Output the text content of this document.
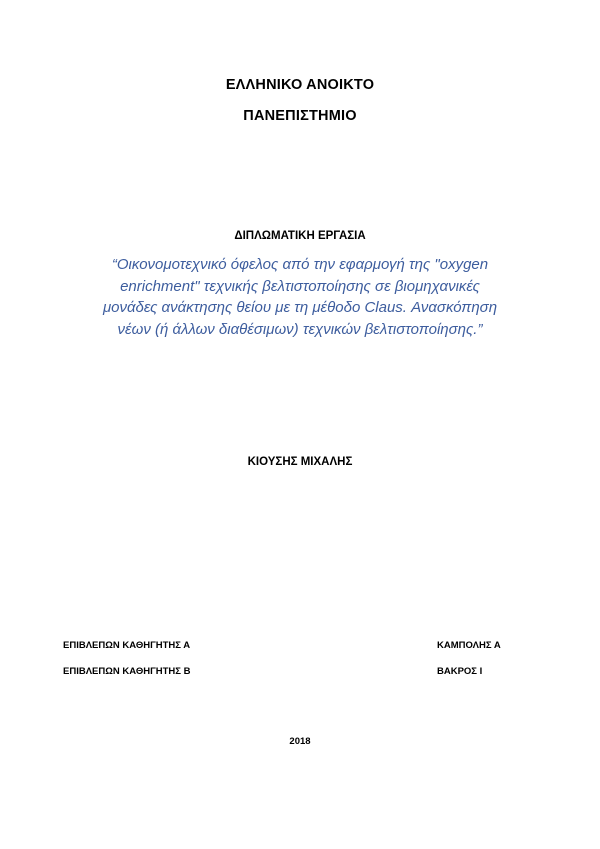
ΕΛΛΗΝΙΚΟ ΑΝΟΙΚΤΟ
ΠΑΝΕΠΙΣΤΗΜΙΟ
ΔΙΠΛΩΜΑΤΙΚΗ ΕΡΓΑΣΙΑ
“Οικονομοτεχνικό όφελος από την εφαρμογή της "oxygen
enrichment" τεχνικής βελτιστοποίησης σε βιομηχανικές
μονάδες ανάκτησης θείου με τη μέθοδο Claus. Ανασκόπηση
νέων (ή άλλων διαθέσιμων) τεχνικών βελτιστοποίησης.”
ΚΙΟΥΣΗΣ ΜΙΧΑΛΗΣ
ΕΠΙΒΛΕΠΩΝ ΚΑΘΗΓΗΤΗΣ Α	ΚΑΜΠΟΛΗΣ Α
ΕΠΙΒΛΕΠΩΝ ΚΑΘΗΓΗΤΗΣ Β	ΒΑΚΡΟΣ Ι
2018
